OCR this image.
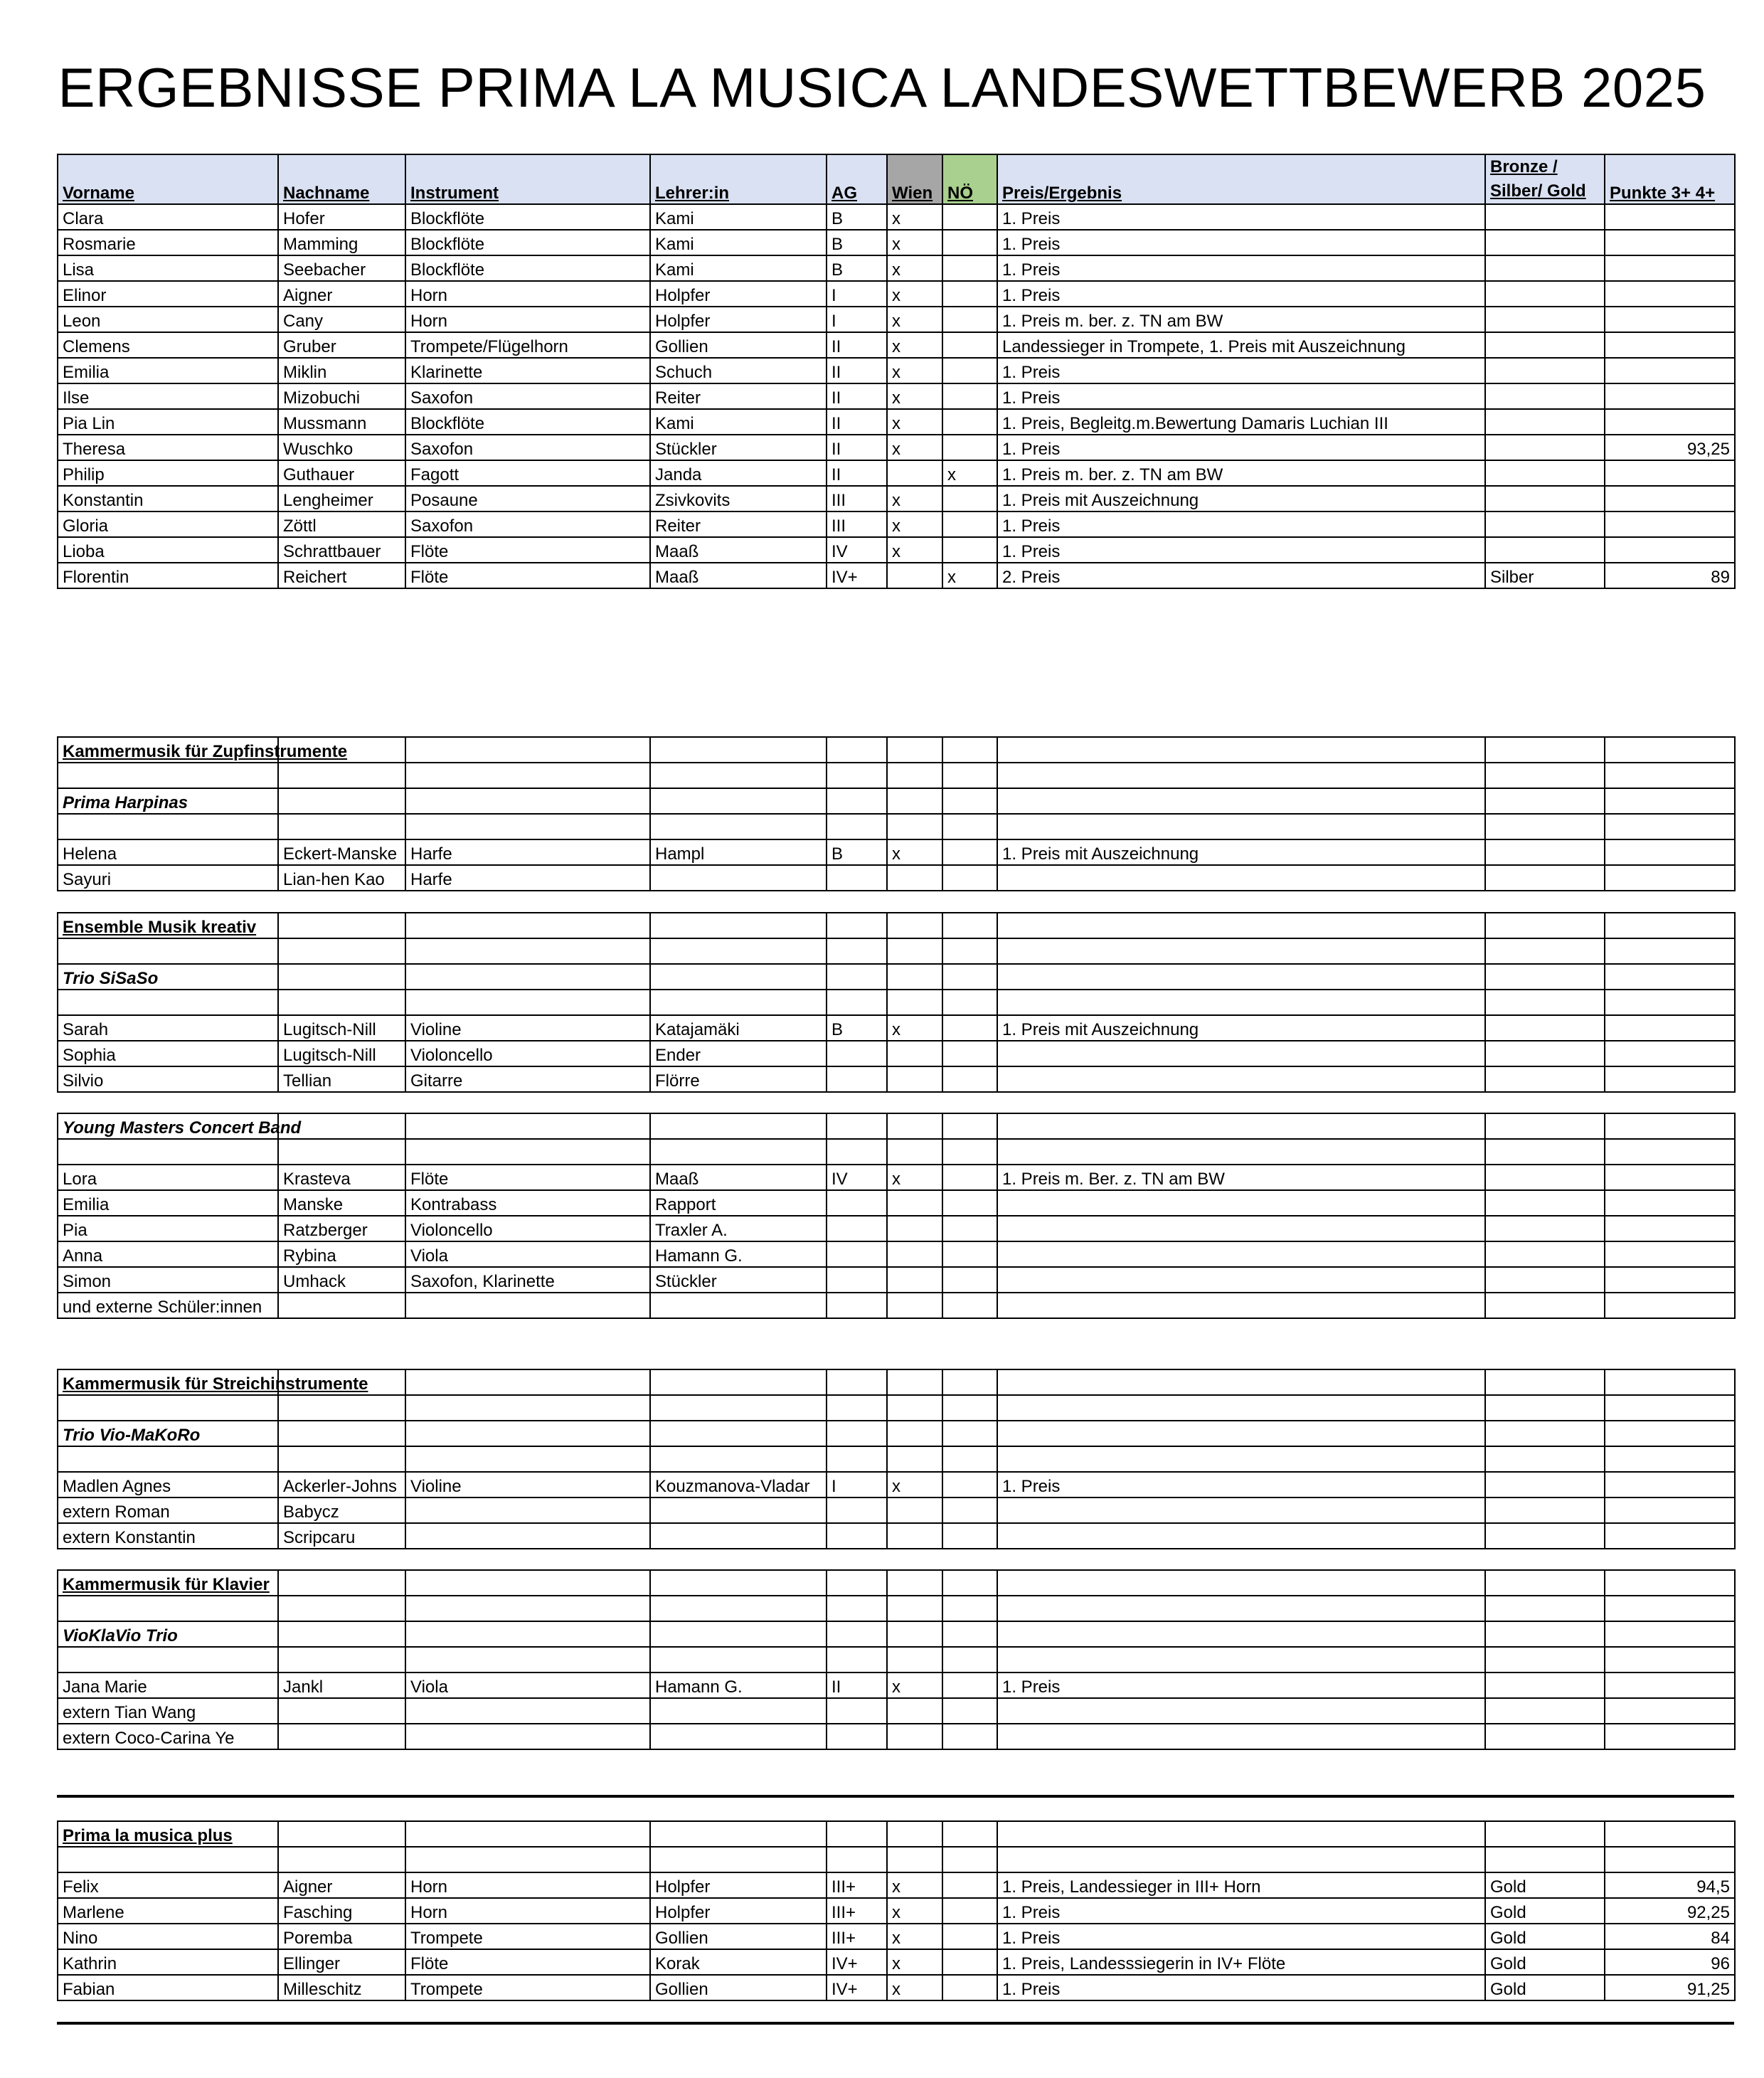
ERGEBNISSE PRIMA LA MUSICA LANDESWETTBEWERB 2025
Vorname	Nachname	Instrument	Lehrer:in	AG	Wien	NÖ	Preis/Ergebnis	Bronze / Silber/ Gold	Punkte 3+ 4+
Clara	Hofer	Blockflöte	Kami	B	x		1. Preis		
Rosmarie	Mamming	Blockflöte	Kami	B	x		1. Preis		
Lisa	Seebacher	Blockflöte	Kami	B	x		1. Preis		
Elinor	Aigner	Horn	Holpfer	I	x		1. Preis		
Leon	Cany	Horn	Holpfer	I	x		1. Preis m. ber. z. TN am BW		
Clemens	Gruber	Trompete/Flügelhorn	Gollien	II	x		Landessieger in Trompete, 1. Preis mit Auszeichnung		
Emilia	Miklin	Klarinette	Schuch	II	x		1. Preis		
Ilse	Mizobuchi	Saxofon	Reiter	II	x		1. Preis		
Pia Lin	Mussmann	Blockflöte	Kami	II	x		1. Preis, Begleitg.m.Bewertung Damaris Luchian III		
Theresa	Wuschko	Saxofon	Stückler	II	x		1. Preis		93,25
Philip	Guthauer	Fagott	Janda	II		x	1. Preis m. ber. z. TN am BW		
Konstantin	Lengheimer	Posaune	Zsivkovits	III	x		1. Preis mit Auszeichnung		
Gloria	Zöttl	Saxofon	Reiter	III	x		1. Preis		
Lioba	Schrattbauer	Flöte	Maaß	IV	x		1. Preis		
Florentin	Reichert	Flöte	Maaß	IV+		x	2. Preis	Silber	89
Kammermusik für Zupfinstrumente									

Prima Harpinas									

Helena	Eckert-Manske	Harfe	Hampl	B	x		1. Preis mit Auszeichnung		
Sayuri	Lian-hen Kao	Harfe							
Ensemble Musik kreativ									

Trio SiSaSo									

Sarah	Lugitsch-Nill	Violine	Katajamäki	B	x		1. Preis mit Auszeichnung		
Sophia	Lugitsch-Nill	Violoncello	Ender						
Silvio	Tellian	Gitarre	Flörre						
Young Masters Concert Band									

Lora	Krasteva	Flöte	Maaß	IV	x		1. Preis m. Ber. z. TN am BW		
Emilia	Manske	Kontrabass	Rapport						
Pia	Ratzberger	Violoncello	Traxler A.						
Anna	Rybina	Viola	Hamann G.						
Simon	Umhack	Saxofon, Klarinette	Stückler						
und externe Schüler:innen									
Kammermusik für Streichinstrumente									

Trio Vio-MaKoRo									

Madlen Agnes	Ackerler-Johns	Violine	Kouzmanova-Vladar	I	x		1. Preis		
extern Roman	Babycz								
extern Konstantin	Scripcaru								
Kammermusik für Klavier									

VioKlaVio Trio									

Jana Marie	Jankl	Viola	Hamann G.	II	x		1. Preis		
extern Tian Wang									
extern Coco-Carina Ye									
Prima la musica plus									

Felix	Aigner	Horn	Holpfer	III+	x		1. Preis, Landessieger in III+ Horn	Gold	94,5
Marlene	Fasching	Horn	Holpfer	III+	x		1. Preis	Gold	92,25
Nino	Poremba	Trompete	Gollien	III+	x		1. Preis	Gold	84
Kathrin	Ellinger	Flöte	Korak	IV+	x		1. Preis, Landesssiegerin in IV+ Flöte	Gold	96
Fabian	Milleschitz	Trompete	Gollien	IV+	x		1. Preis	Gold	91,25
